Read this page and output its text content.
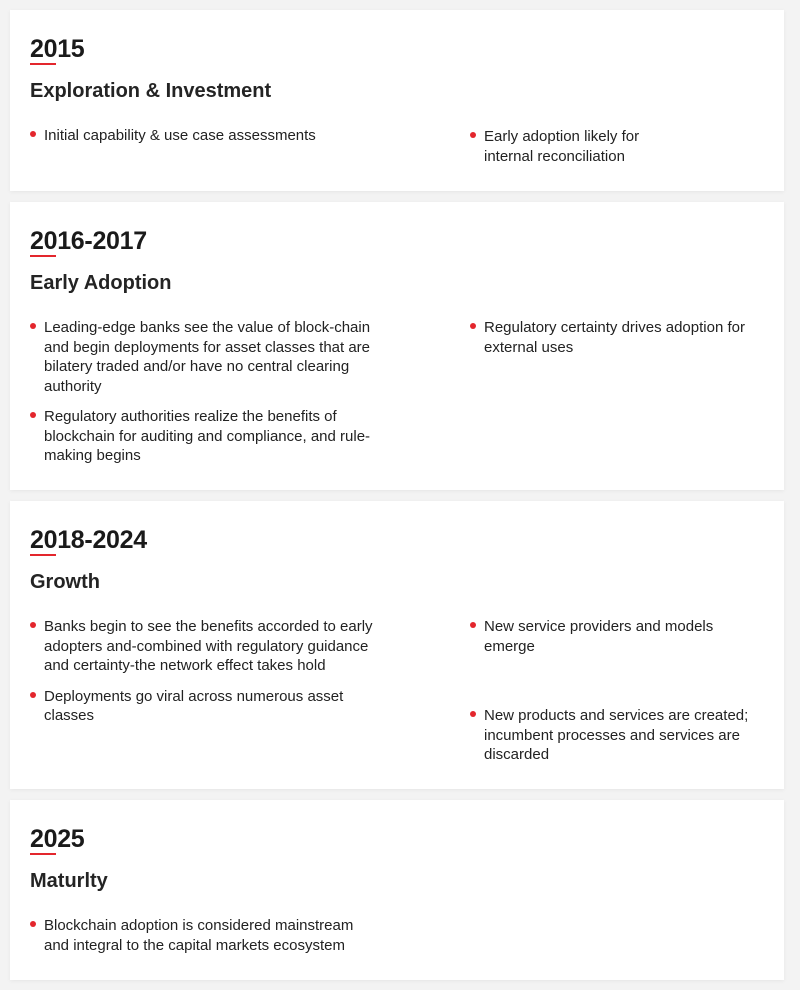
2015
Exploration & Investment
Initial capability & use case assessments	Early adoption likely for internal reconciliation
2016-2017
Early Adoption
Leading-edge banks see the value of block-chain and begin deployments for asset classes that are bilatery traded and/or have no central clearing authority
Regulatory authorities realize the benefits of blockchain for auditing and compliance, and rule-making begins
Regulatory certainty drives adoption for external uses
2018-2024
Growth
Banks begin to see the benefits accorded to early adopters and-combined with regulatory guidance and certainty-the network effect takes hold
Deployments go viral across numerous asset classes
New service providers and models emerge
New products and services are created; incumbent processes and services are discarded
2025
Maturlty
Blockchain adoption is considered mainstream and integral to the capital markets ecosystem
